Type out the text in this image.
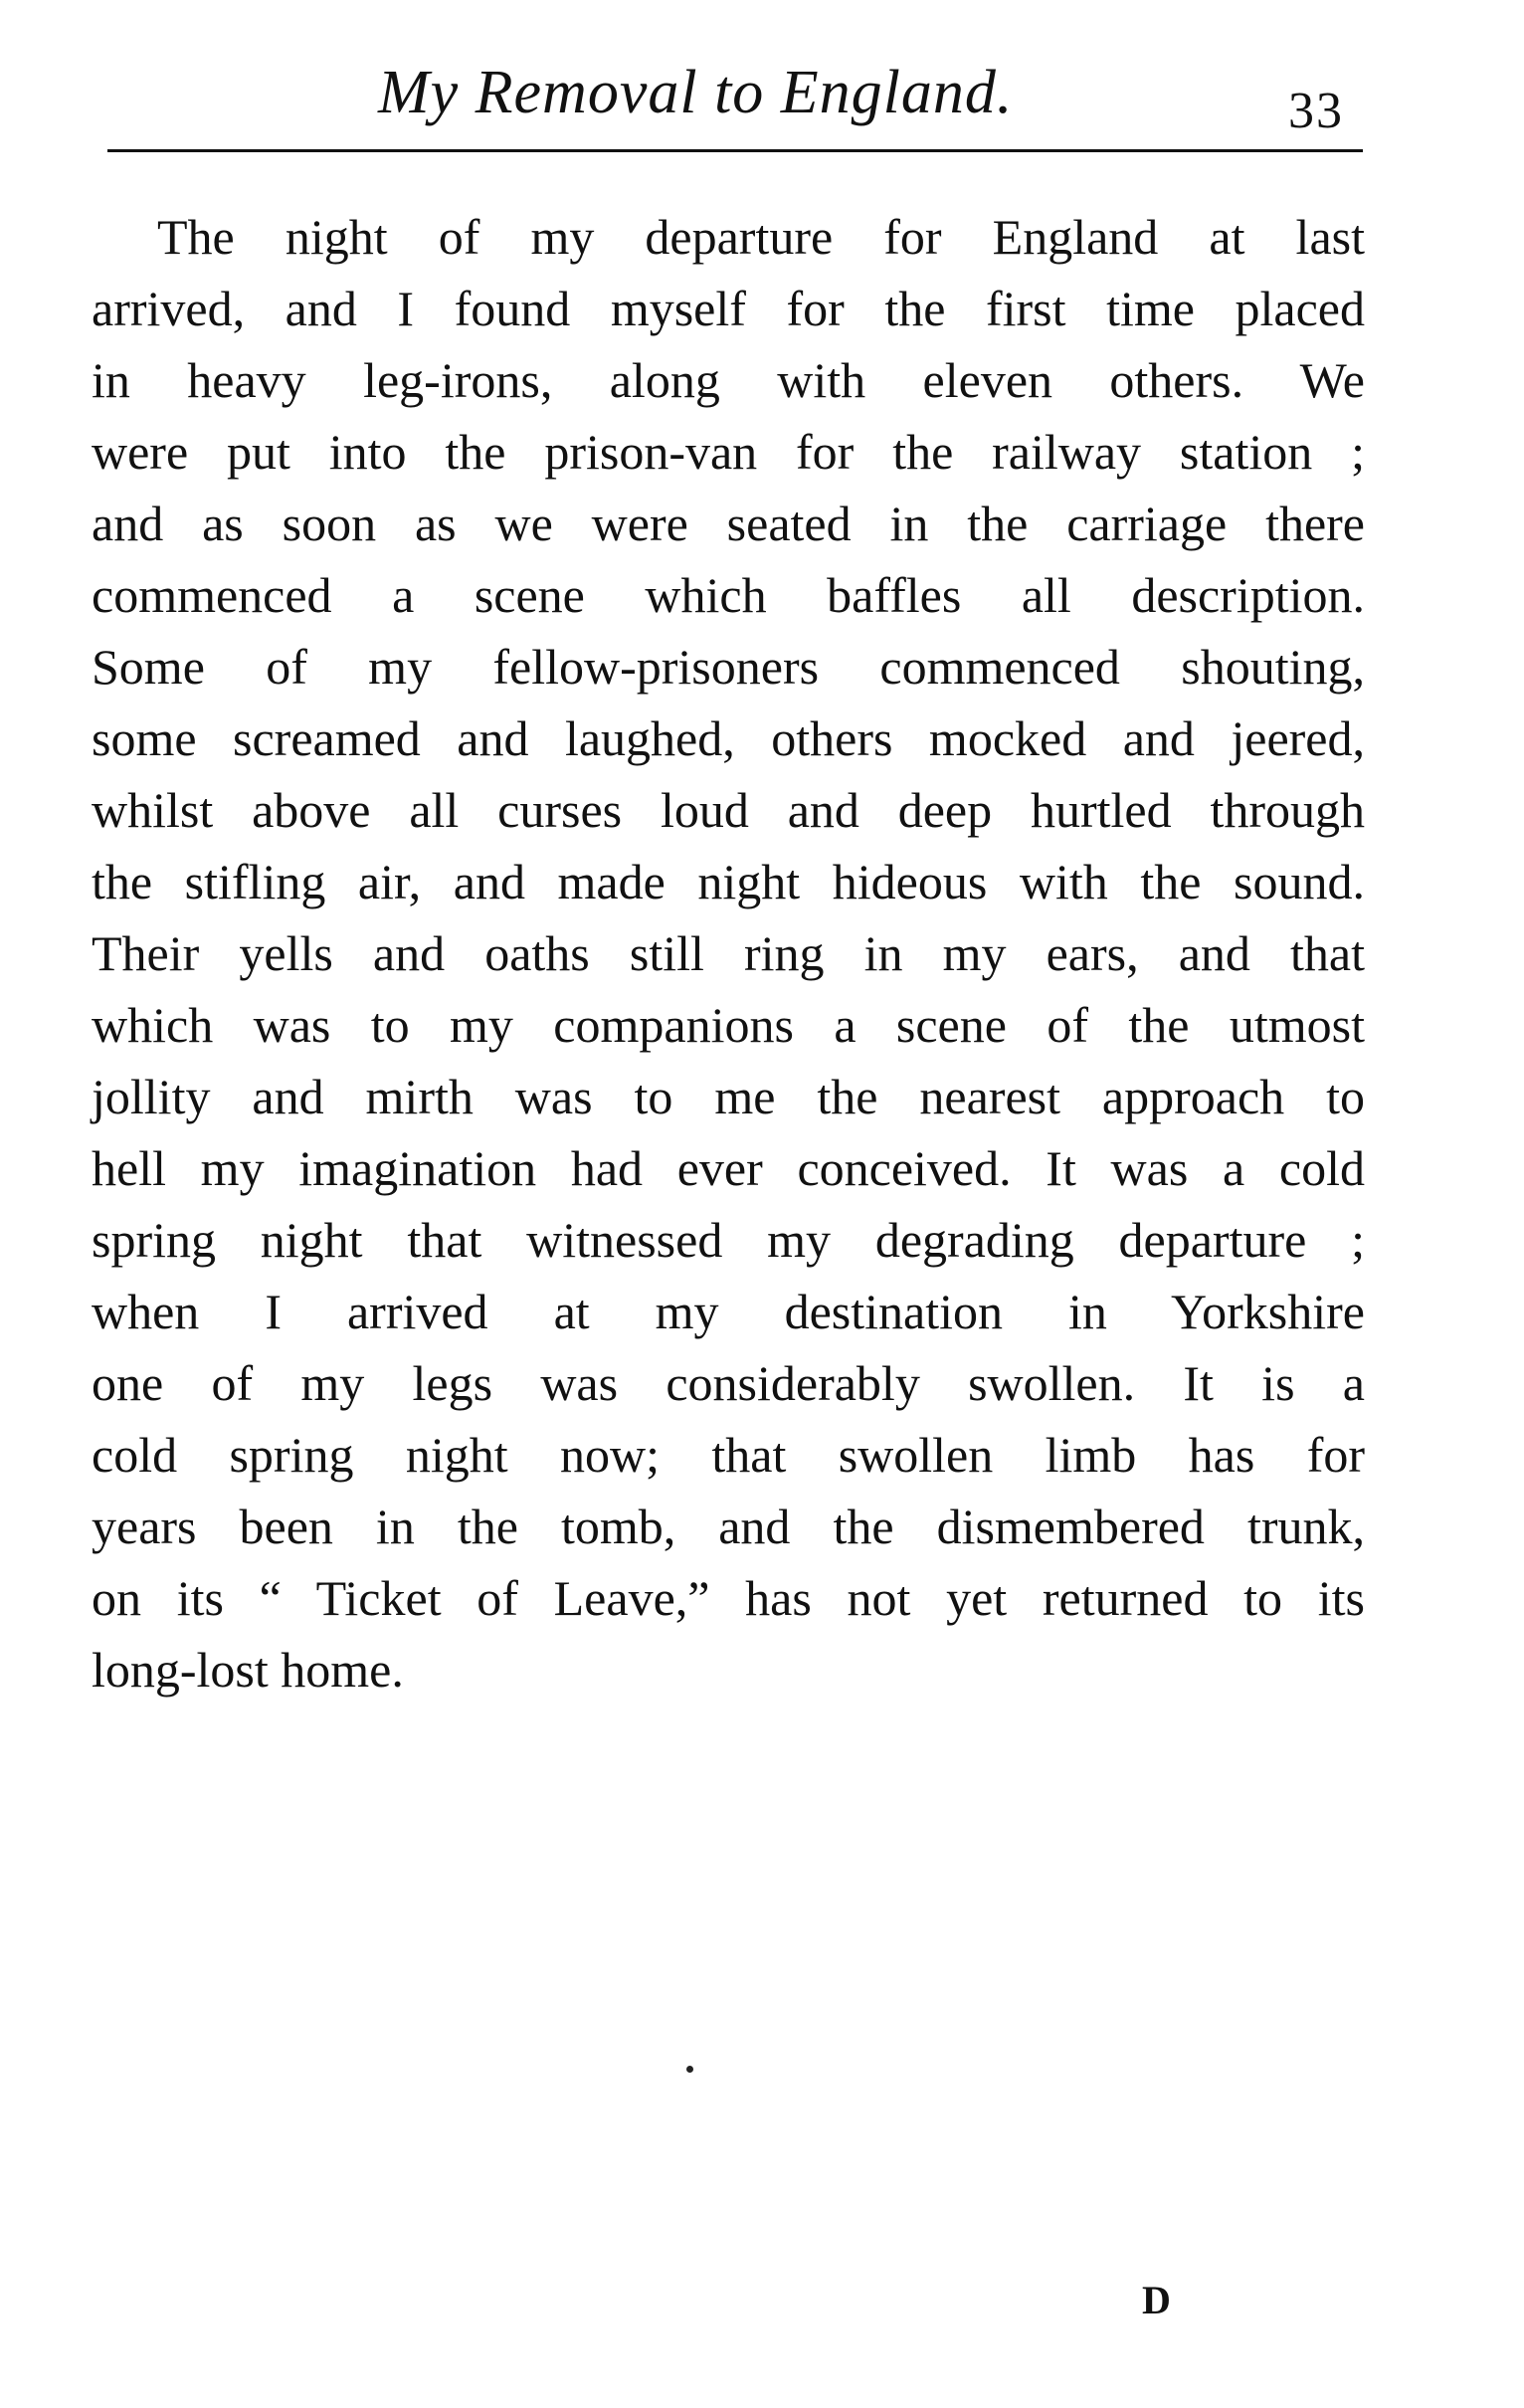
My Removal to England.	33
The night of my departure for England at last
arrived, and I found myself for the first time placed
in heavy leg-irons, along with eleven others. We
were put into the prison-van for the railway station ;
and as soon as we were seated in the carriage there
commenced a scene which baffles all description.
Some of my fellow-prisoners commenced shouting,
some screamed and laughed, others mocked and jeered,
whilst above all curses loud and deep hurtled through
the stifling air, and made night hideous with the sound.
Their yells and oaths still ring in my ears, and that
which was to my companions a scene of the utmost
jollity and mirth was to me the nearest approach to
hell my imagination had ever conceived. It was a cold
spring night that witnessed my degrading departure ;
when I arrived at my destination in Yorkshire
one of my legs was considerably swollen. It is a
cold spring night now; that swollen limb has for
years been in the tomb, and the dismembered trunk,
on its “ Ticket of Leave,” has not yet returned to its
long-lost home.
D
